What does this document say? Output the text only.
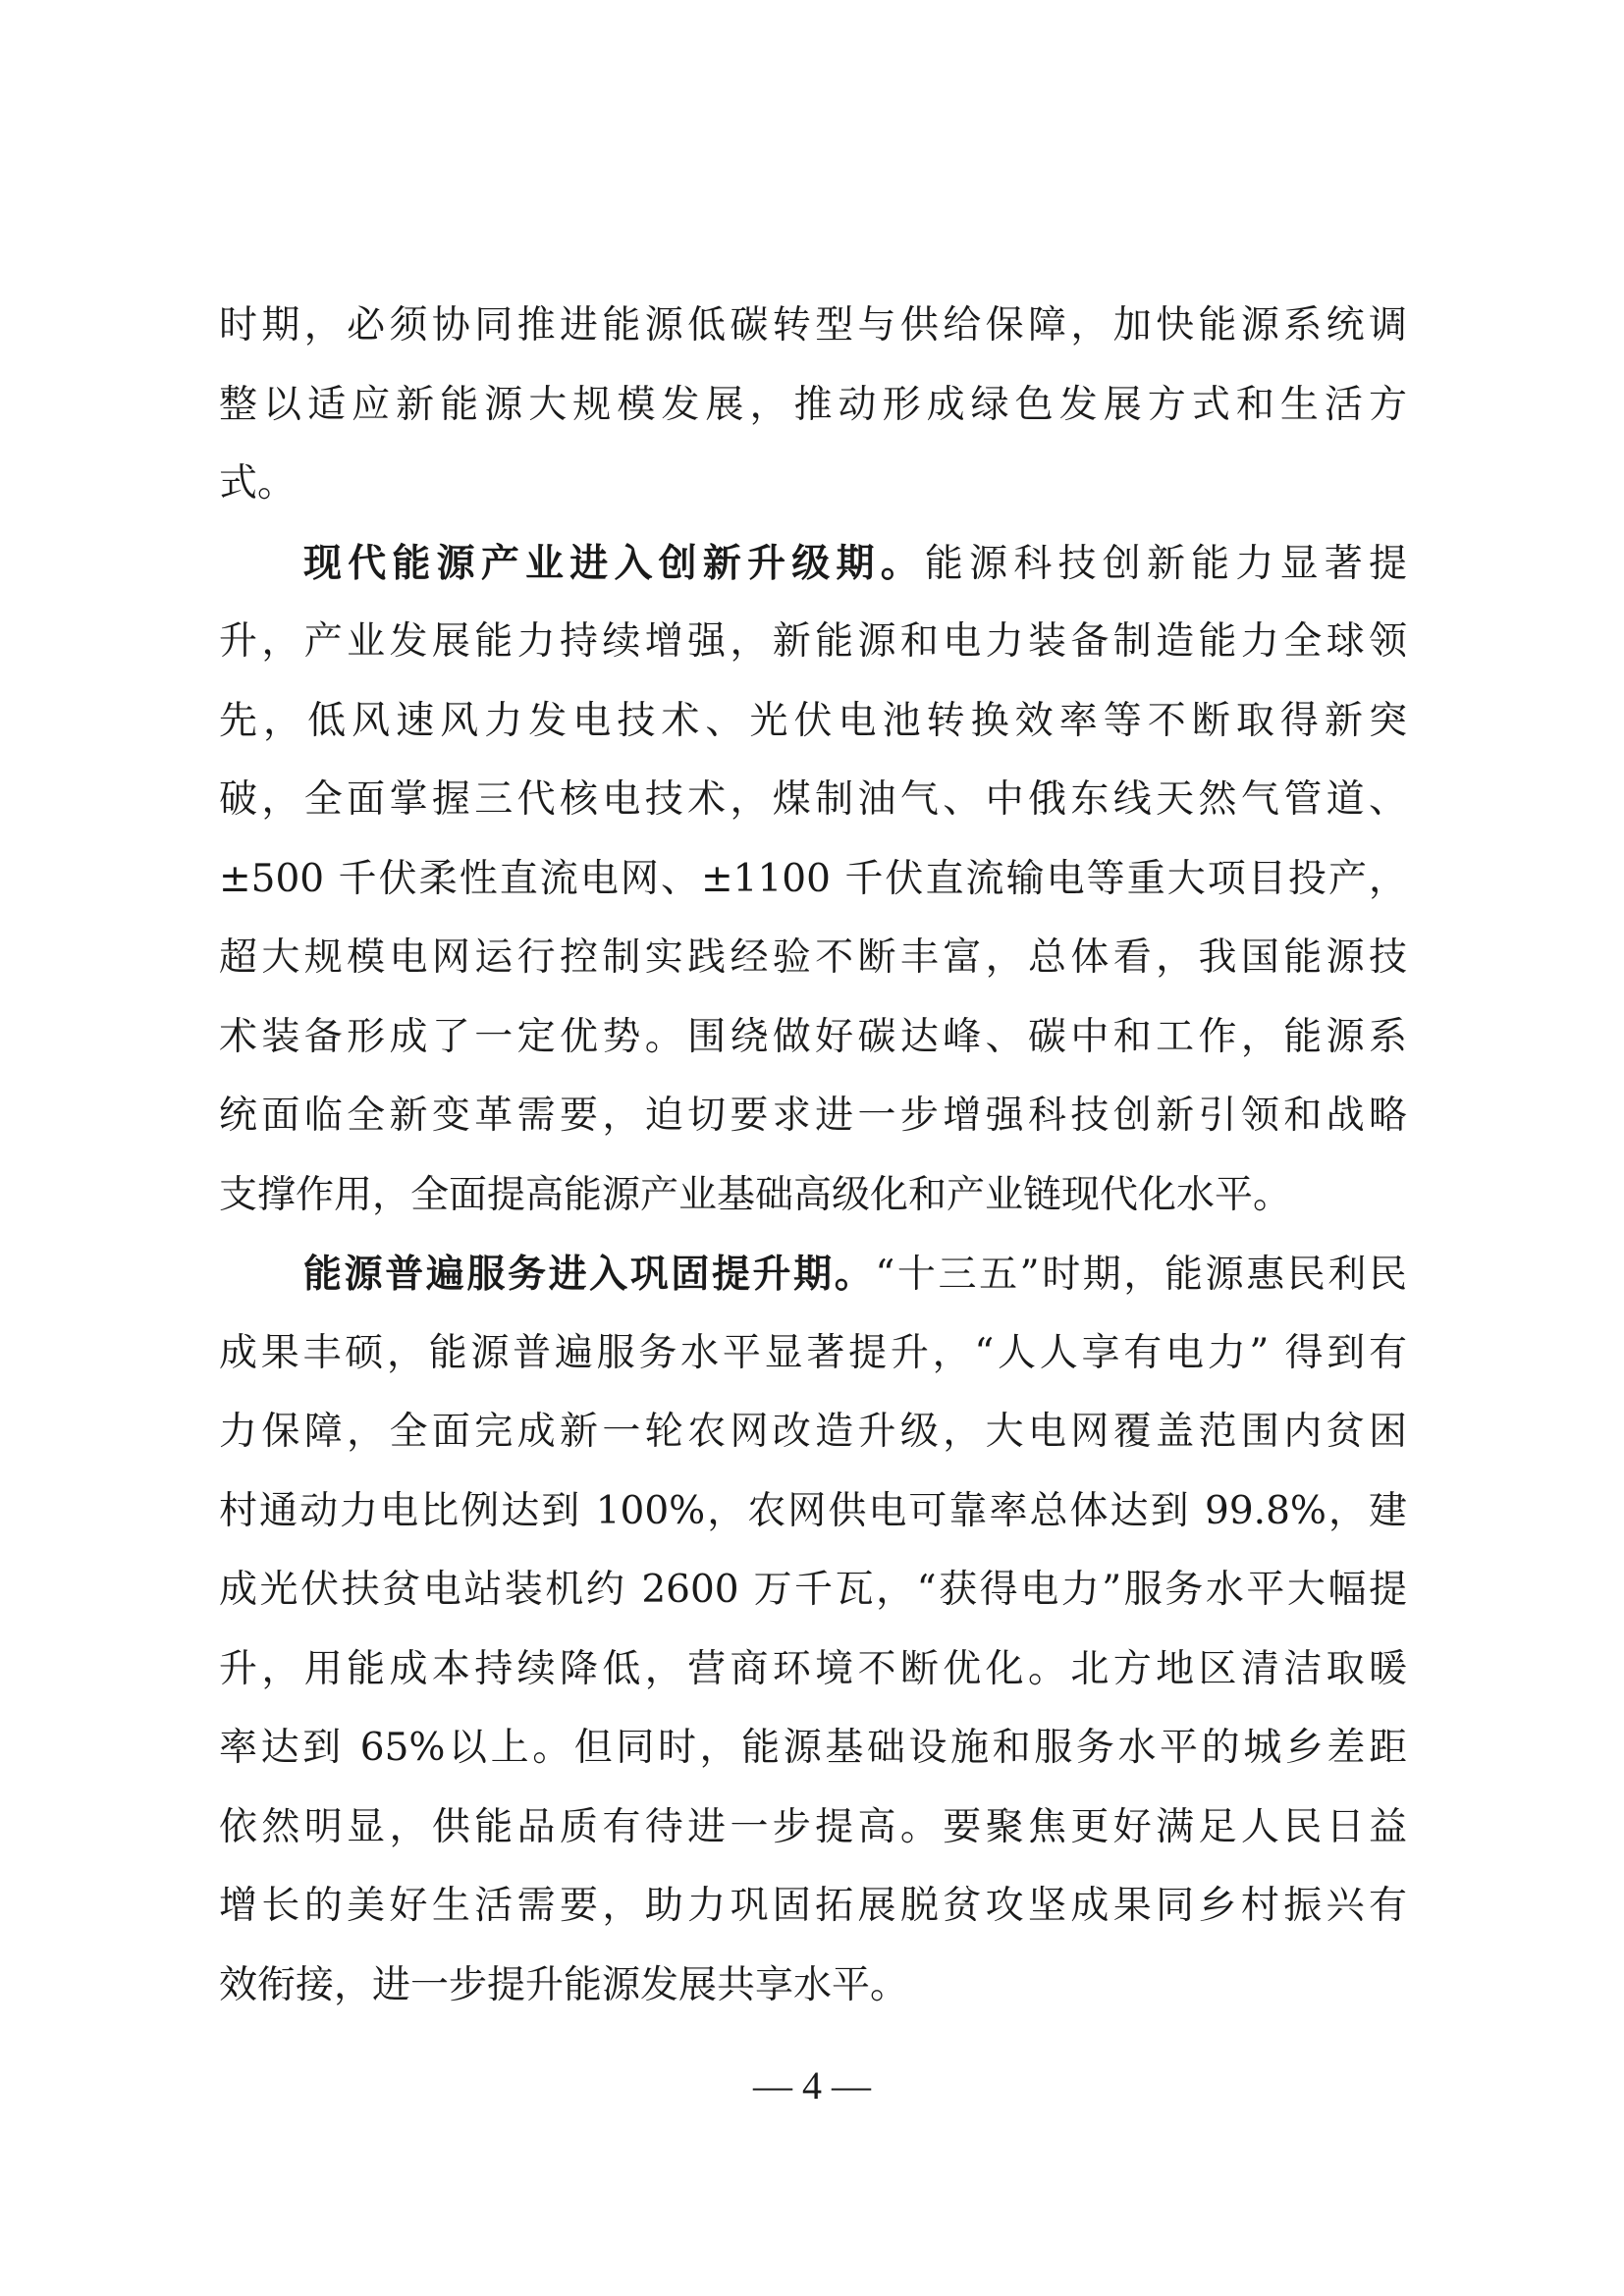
时期，必须协同推进能源低碳转型与供给保障，加快能源系统调
整以适应新能源大规模发展，推动形成绿色发展方式和生活方
式。
现代能源产业进入创新升级期。能源科技创新能力显著提
升，产业发展能力持续增强，新能源和电力装备制造能力全球领
先，低风速风力发电技术、光伏电池转换效率等不断取得新突
破，全面掌握三代核电技术，煤制油气、中俄东线天然气管道、
±500 千伏柔性直流电网、±1100 千伏直流输电等重大项目投产，
超大规模电网运行控制实践经验不断丰富，总体看，我国能源技
术装备形成了一定优势。围绕做好碳达峰、碳中和工作，能源系
统面临全新变革需要，迫切要求进一步增强科技创新引领和战略
支撑作用，全面提高能源产业基础高级化和产业链现代化水平。
能源普遍服务进入巩固提升期。“十三五”时期，能源惠民利民
成果丰硕，能源普遍服务水平显著提升，“人人享有电力” 得到有
力保障，全面完成新一轮农网改造升级，大电网覆盖范围内贫困
村通动力电比例达到 100%，农网供电可靠率总体达到 99.8%，建
成光伏扶贫电站装机约 2600 万千瓦，“获得电力”服务水平大幅提
升，用能成本持续降低，营商环境不断优化。北方地区清洁取暖
率达到 65%以上。但同时，能源基础设施和服务水平的城乡差距
依然明显，供能品质有待进一步提高。要聚焦更好满足人民日益
增长的美好生活需要，助力巩固拓展脱贫攻坚成果同乡村振兴有
效衔接，进一步提升能源发展共享水平。
— 4 —
